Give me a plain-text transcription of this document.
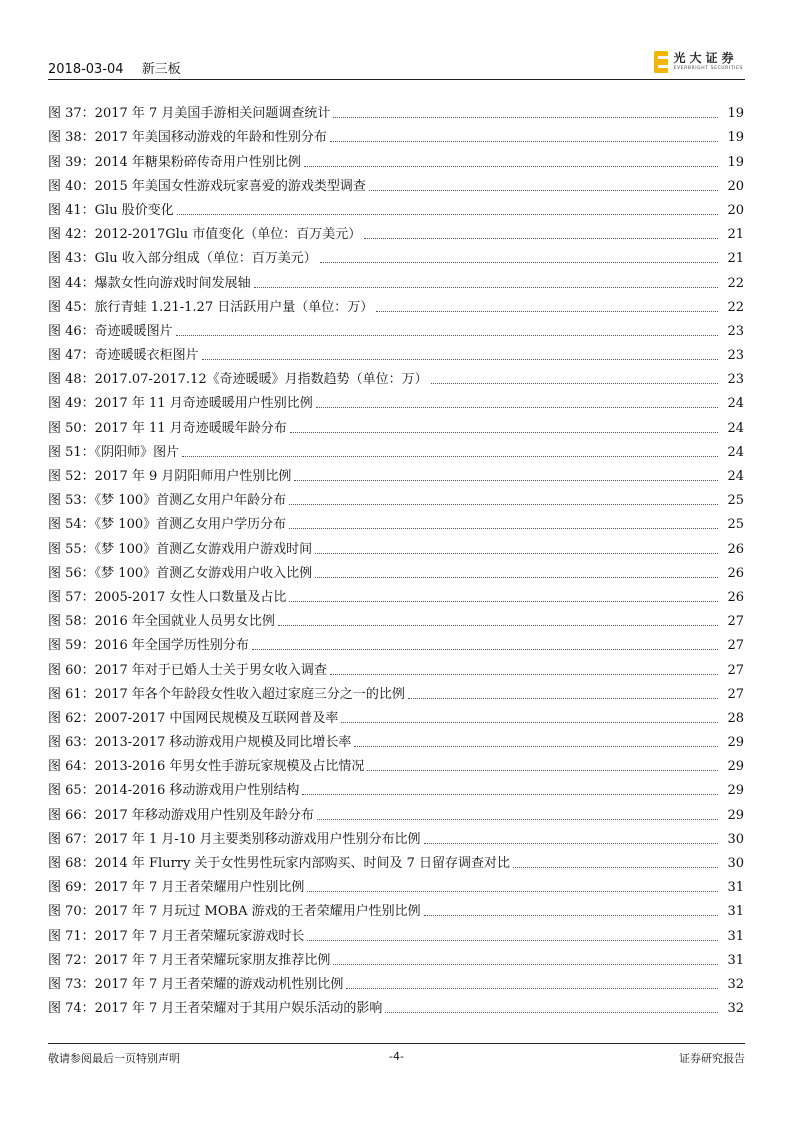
2018-03-04 新三板
光大证券
EVERBRIGHT SECURITIES
图 37：2017 年 7 月美国手游相关问题调查统计	19
图 38：2017 年美国移动游戏的年龄和性别分布	19
图 39：2014 年糖果粉碎传奇用户性别比例	19
图 40：2015 年美国女性游戏玩家喜爱的游戏类型调查	20
图 41：Glu 股价变化	20
图 42：2012-2017Glu 市值变化（单位：百万美元）	21
图 43：Glu 收入部分组成（单位：百万美元）	21
图 44：爆款女性向游戏时间发展轴	22
图 45：旅行青蛙 1.21-1.27 日活跃用户量（单位：万）	22
图 46：奇迹暖暖图片	23
图 47：奇迹暖暖衣柜图片	23
图 48：2017.07-2017.12《奇迹暖暖》月指数趋势（单位：万）	23
图 49：2017 年 11 月奇迹暖暖用户性别比例	24
图 50：2017 年 11 月奇迹暖暖年龄分布	24
图 51：《阴阳师》图片	24
图 52：2017 年 9 月阴阳师用户性别比例	24
图 53：《梦 100》首测乙女用户年龄分布	25
图 54：《梦 100》首测乙女用户学历分布	25
图 55：《梦 100》首测乙女游戏用户游戏时间	26
图 56：《梦 100》首测乙女游戏用户收入比例	26
图 57：2005-2017 女性人口数量及占比	26
图 58：2016 年全国就业人员男女比例	27
图 59：2016 年全国学历性别分布	27
图 60：2017 年对于已婚人士关于男女收入调查	27
图 61：2017 年各个年龄段女性收入超过家庭三分之一的比例	27
图 62：2007-2017 中国网民规模及互联网普及率	28
图 63：2013-2017 移动游戏用户规模及同比增长率	29
图 64：2013-2016 年男女性手游玩家规模及占比情况	29
图 65：2014-2016 移动游戏用户性别结构	29
图 66：2017 年移动游戏用户性别及年龄分布	29
图 67：2017 年 1 月-10 月主要类别移动游戏用户性别分布比例	30
图 68：2014 年 Flurry 关于女性男性玩家内部购买、时间及 7 日留存调查对比	30
图 69：2017 年 7 月王者荣耀用户性别比例	31
图 70：2017 年 7 月玩过 MOBA 游戏的王者荣耀用户性别比例	31
图 71：2017 年 7 月王者荣耀玩家游戏时长	31
图 72：2017 年 7 月王者荣耀玩家朋友推荐比例	31
图 73：2017 年 7 月王者荣耀的游戏动机性别比例	32
图 74：2017 年 7 月王者荣耀对于其用户娱乐活动的影响	32
敬请参阅最后一页特别声明	-4-	证券研究报告
